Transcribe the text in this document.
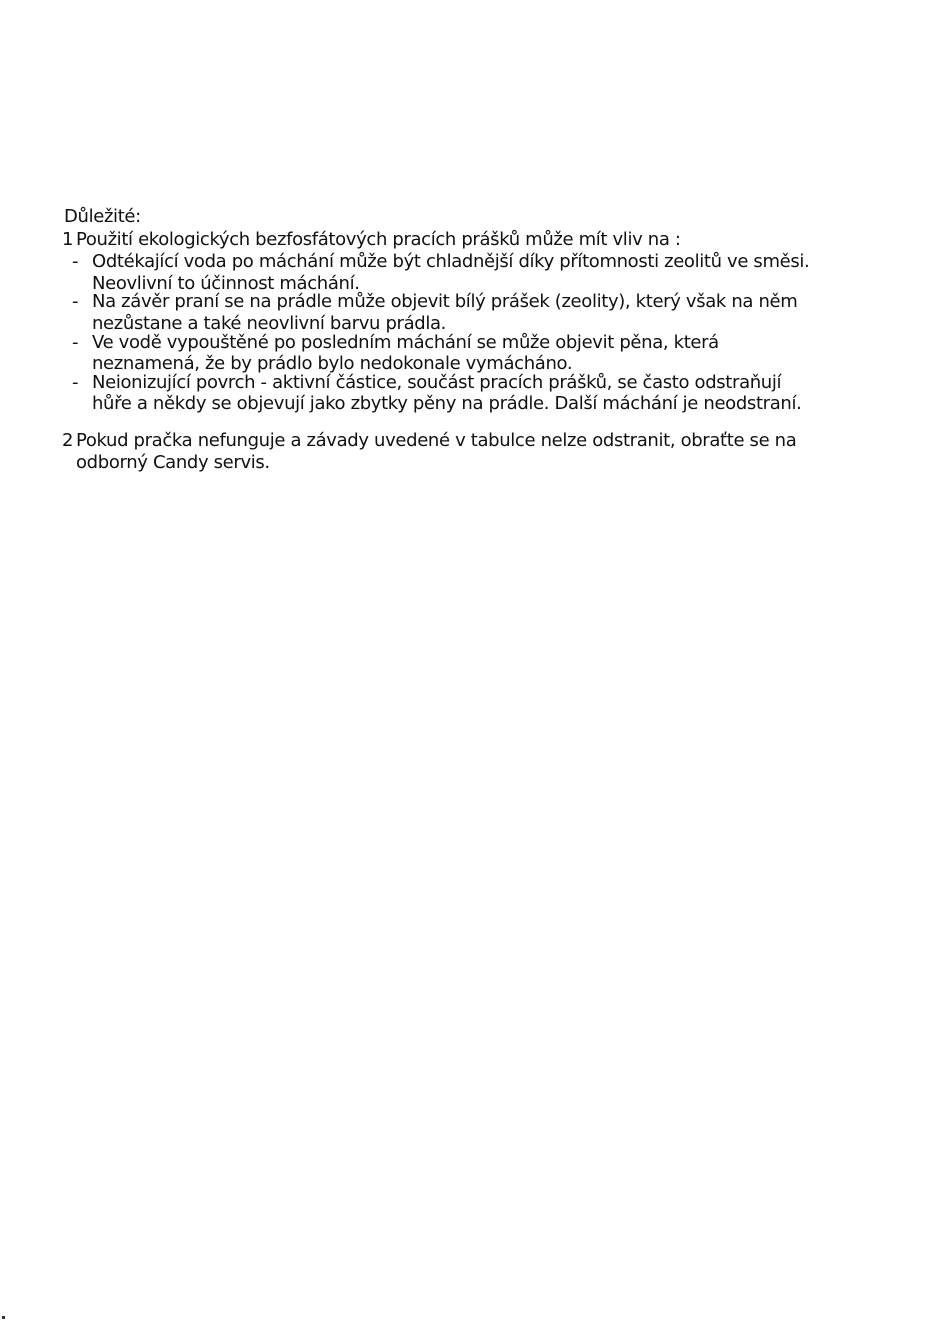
Důležité:
1 Použití ekologických bezfosfátových pracích prášků může mít vliv na :
- Odtékající voda po máchání může být chladnější díky přítomnosti zeolitů ve směsi.
Neovlivní to účinnost máchání.
- Na závěr praní se na prádle může objevit bílý prášek (zeolity), který však na něm
nezůstane a také neovlivní barvu prádla.
- Ve vodě vypouštěné po posledním máchání se může objevit pěna, která
neznamená, že by prádlo bylo nedokonale vymácháno.
- Neionizující povrch - aktivní částice, součást pracích prášků, se často odstraňují
hůře a někdy se objevují jako zbytky pěny na prádle. Další máchání je neodstraní.
2 Pokud pračka nefunguje a závady uvedené v tabulce nelze odstranit, obraťte se na
odborný Candy servis.
